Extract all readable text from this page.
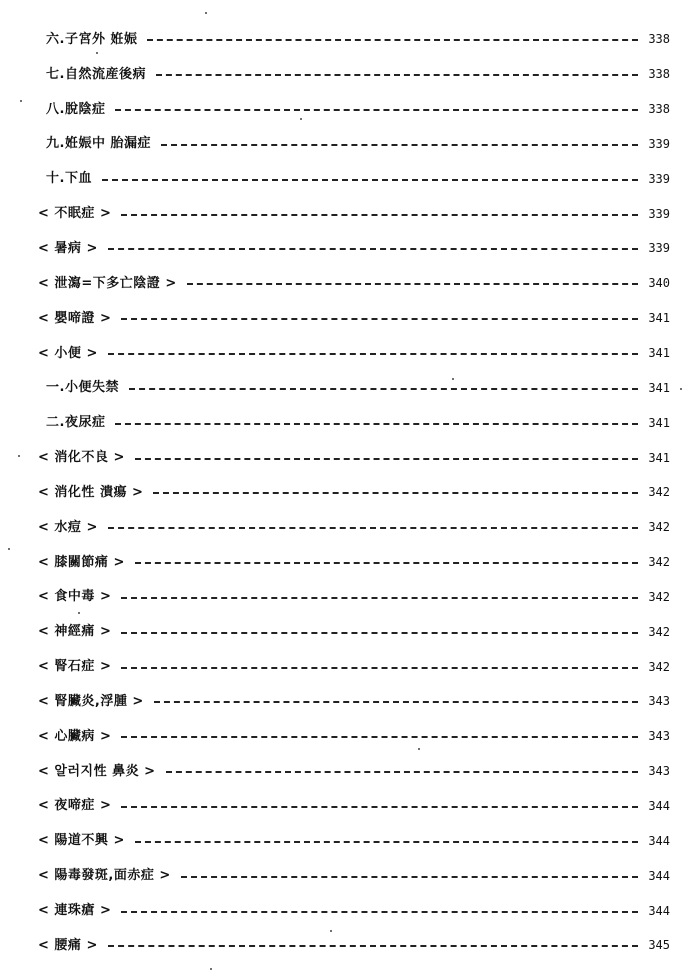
六.子宮外 姙娠	338
七.自然流産後病	338
八.脫陰症	338
九.姙娠中 胎漏症	339
十.下血	339
< 不眠症 >	339
< 暑病 >	339
< 泄瀉=下多亡陰證 >	340
< 嬰啼證 >	341
< 小便 >	341
一.小便失禁	341
二.夜尿症	341
< 消化不良 >	341
< 消化性 潰瘍 >	342
< 水痘 >	342
< 膝關節痛 >	342
< 食中毒 >	342
< 神經痛 >	342
< 腎石症 >	342
< 腎臟炎,浮腫 >	343
< 心臟病 >	343
< 알러지性 鼻炎 >	343
< 夜啼症 >	344
< 陽道不興 >	344
< 陽毒發斑,面赤症 >	344
< 連珠瘡 >	344
< 腰痛 >	345
